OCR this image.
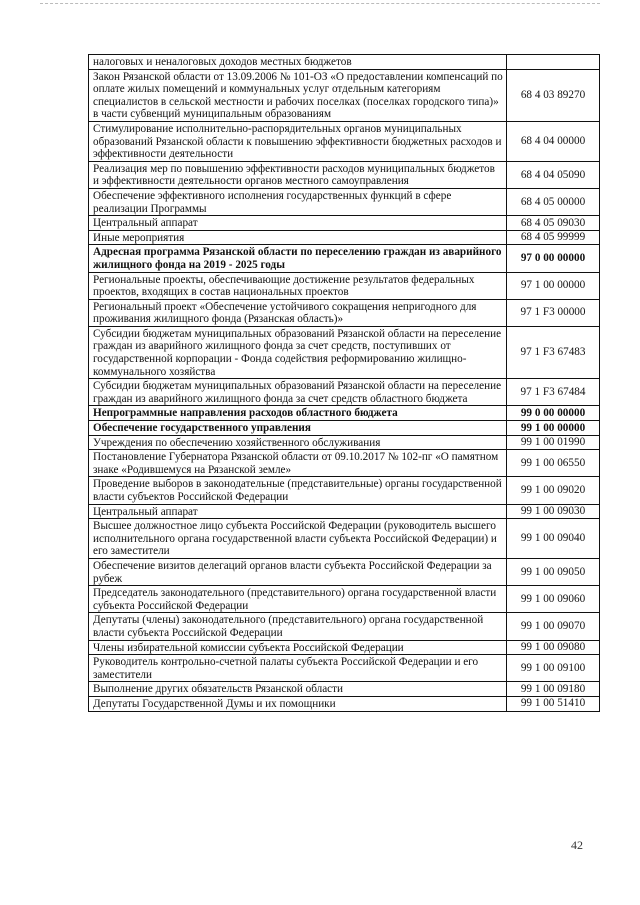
налоговых и неналоговых доходов местных бюджетов	
Закон Рязанской области от 13.09.2006 № 101-ОЗ «О предоставлении компенсаций по оплате жилых помещений и коммунальных услуг отдельным категориям специалистов в сельской местности и рабочих поселках (поселках городского типа)» в части субвенций муниципальным образованиям	68 4 03 89270
Стимулирование исполнительно-распорядительных органов муниципальных образований Рязанской области к повышению эффективности бюджетных расходов и эффективности деятельности	68 4 04 00000
Реализация мер по повышению эффективности расходов муниципальных бюджетов и эффективности деятельности органов местного самоуправления	68 4 04 05090
Обеспечение эффективного исполнения государственных функций в сфере реализации Программы	68 4 05 00000
Центральный аппарат	68 4 05 09030
Иные мероприятия	68 4 05 99999
Адресная программа Рязанской области по переселению граждан из аварийного жилищного фонда на 2019 - 2025 годы	97 0 00 00000
Региональные проекты, обеспечивающие достижение результатов федеральных проектов, входящих в состав национальных проектов	97 1 00 00000
Региональный проект «Обеспечение устойчивого сокращения непригодного для проживания жилищного фонда (Рязанская область)»	97 1 F3 00000
Субсидии бюджетам муниципальных образований Рязанской области на переселение граждан из аварийного жилищного фонда за счет средств, поступивших от государственной корпорации - Фонда содействия реформированию жилищно-коммунального хозяйства	97 1 F3 67483
Субсидии бюджетам муниципальных образований Рязанской области на переселение граждан из аварийного жилищного фонда за счет средств областного бюджета	97 1 F3 67484
Непрограммные направления расходов областного бюджета	99 0 00 00000
Обеспечение государственного управления	99 1 00 00000
Учреждения по обеспечению хозяйственного обслуживания	99 1 00 01990
Постановление Губернатора Рязанской области от 09.10.2017 № 102-пг «О памятном знаке «Родившемуся на Рязанской земле»	99 1 00 06550
Проведение выборов в законодательные (представительные) органы государственной власти субъектов Российской Федерации	99 1 00 09020
Центральный аппарат	99 1 00 09030
Высшее должностное лицо субъекта Российской Федерации (руководитель высшего исполнительного органа государственной власти субъекта Российской Федерации) и его заместители	99 1 00 09040
Обеспечение визитов делегаций органов власти субъекта Российской Федерации за рубеж	99 1 00 09050
Председатель законодательного (представительного) органа государственной власти субъекта Российской Федерации	99 1 00 09060
Депутаты (члены) законодательного (представительного) органа государственной власти субъекта Российской Федерации	99 1 00 09070
Члены избирательной комиссии субъекта Российской Федерации	99 1 00 09080
Руководитель контрольно-счетной палаты субъекта Российской Федерации и его заместители	99 1 00 09100
Выполнение других обязательств Рязанской области	99 1 00 09180
Депутаты Государственной Думы и их помощники	99 1 00 51410
42
